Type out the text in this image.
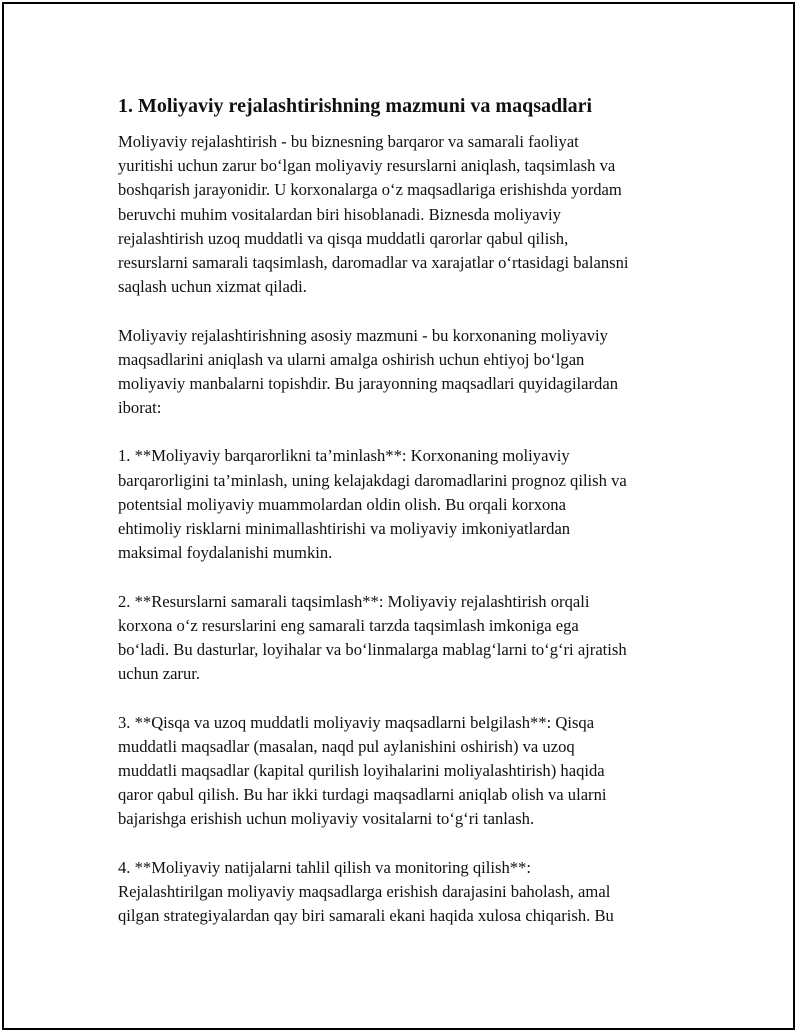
1. Moliyaviy rejalashtirishning mazmuni va maqsadlari

Moliyaviy rejalashtirish - bu biznesning barqaror va samarali faoliyat
yuritishi uchun zarur bo‘lgan moliyaviy resurslarni aniqlash, taqsimlash va
boshqarish jarayonidir. U korxonalarga o‘z maqsadlariga erishishda yordam
beruvchi muhim vositalardan biri hisoblanadi. Biznesda moliyaviy
rejalashtirish uzoq muddatli va qisqa muddatli qarorlar qabul qilish,
resurslarni samarali taqsimlash, daromadlar va xarajatlar o‘rtasidagi balansni
saqlash uchun xizmat qiladi.

Moliyaviy rejalashtirishning asosiy mazmuni - bu korxonaning moliyaviy
maqsadlarini aniqlash va ularni amalga oshirish uchun ehtiyoj bo‘lgan
moliyaviy manbalarni topishdir. Bu jarayonning maqsadlari quyidagilardan
iborat:

1. **Moliyaviy barqarorlikni ta’minlash**: Korxonaning moliyaviy
barqarorligini ta’minlash, uning kelajakdagi daromadlarini prognoz qilish va
potentsial moliyaviy muammolardan oldin olish. Bu orqali korxona
ehtimoliy risklarni minimallashtirishi va moliyaviy imkoniyatlardan
maksimal foydalanishi mumkin.

2. **Resurslarni samarali taqsimlash**: Moliyaviy rejalashtirish orqali
korxona o‘z resurslarini eng samarali tarzda taqsimlash imkoniga ega
bo‘ladi. Bu dasturlar, loyihalar va bo‘linmalarga mablag‘larni to‘g‘ri ajratish
uchun zarur.

3. **Qisqa va uzoq muddatli moliyaviy maqsadlarni belgilash**: Qisqa
muddatli maqsadlar (masalan, naqd pul aylanishini oshirish) va uzoq
muddatli maqsadlar (kapital qurilish loyihalarini moliyalashtirish) haqida
qaror qabul qilish. Bu har ikki turdagi maqsadlarni aniqlab olish va ularni
bajarishga erishish uchun moliyaviy vositalarni to‘g‘ri tanlash.

4. **Moliyaviy natijalarni tahlil qilish va monitoring qilish**:
Rejalashtirilgan moliyaviy maqsadlarga erishish darajasini baholash, amal
qilgan strategiyalardan qay biri samarali ekani haqida xulosa chiqarish. Bu
